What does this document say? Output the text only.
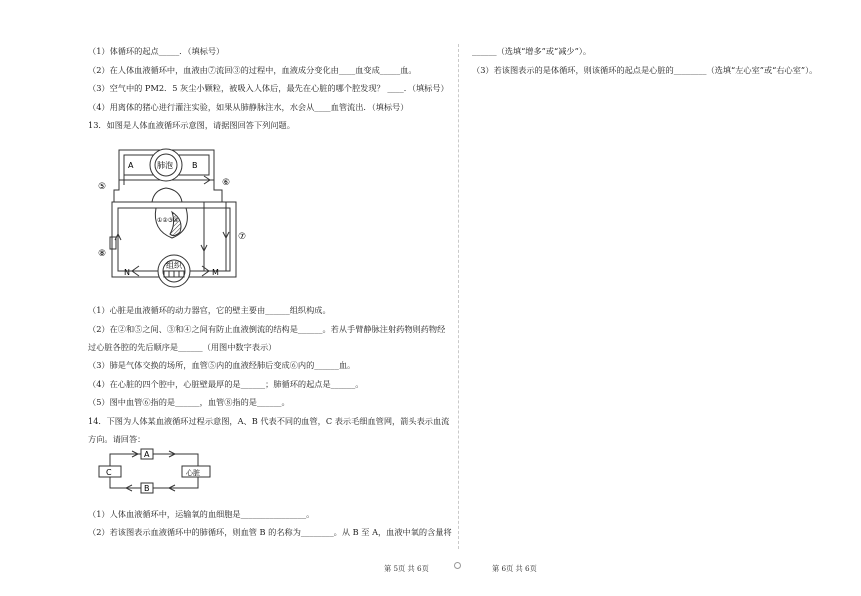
（1）体循环的起点_____．（填标号）
（2）在人体血液循环中，血液由⑦流回③的过程中，血液成分变化由____血变成_____血。
（3）空气中的 PM2．5 灰尘小颗粒，被吸入人体后，最先在心脏的哪个腔发现？ ____．（填标号）
（4）用离体的猪心进行灌注实验，如果从肺静脉注水，水会从____血管流出．（填标号）
13．如图是人体血液循环示意图，请据图回答下列问题。
肺泡
A	B
组织
N	M
⑤	⑥
⑦
⑧
①②③④
（1）心脏是血液循环的动力器官，它的壁主要由______组织构成。
（2）在②和⑤之间、③和④之间有防止血液倒流的结构是______。若从手臂静脉注射药物则药物经
过心脏各腔的先后顺序是______（用图中数字表示）
（3）肺是气体交换的场所，血管⑤内的血液经肺后变成⑥内的______血。
（4）在心脏的四个腔中，心脏壁最厚的是______；肺循环的起点是______。
（5）图中血管⑥指的是______，血管⑧指的是______。
14．下图为人体某血液循环过程示意图，A、B 代表不同的血管，C 表示毛细血管网，箭头表示血流
方向。请回答：
A
B
C	心脏
（1）人体血液循环中，运输氧的血细胞是________________。
（2）若该图表示血液循环中的肺循环，则血管 B 的名称为________。从 B 至 A，血液中氧的含量将
______（选填“增多”或“减少”）。
（3）若该图表示的是体循环，则该循环的起点是心脏的________（选填“左心室”或“右心室”）。
第 5页 共 6页	第 6页 共 6页
